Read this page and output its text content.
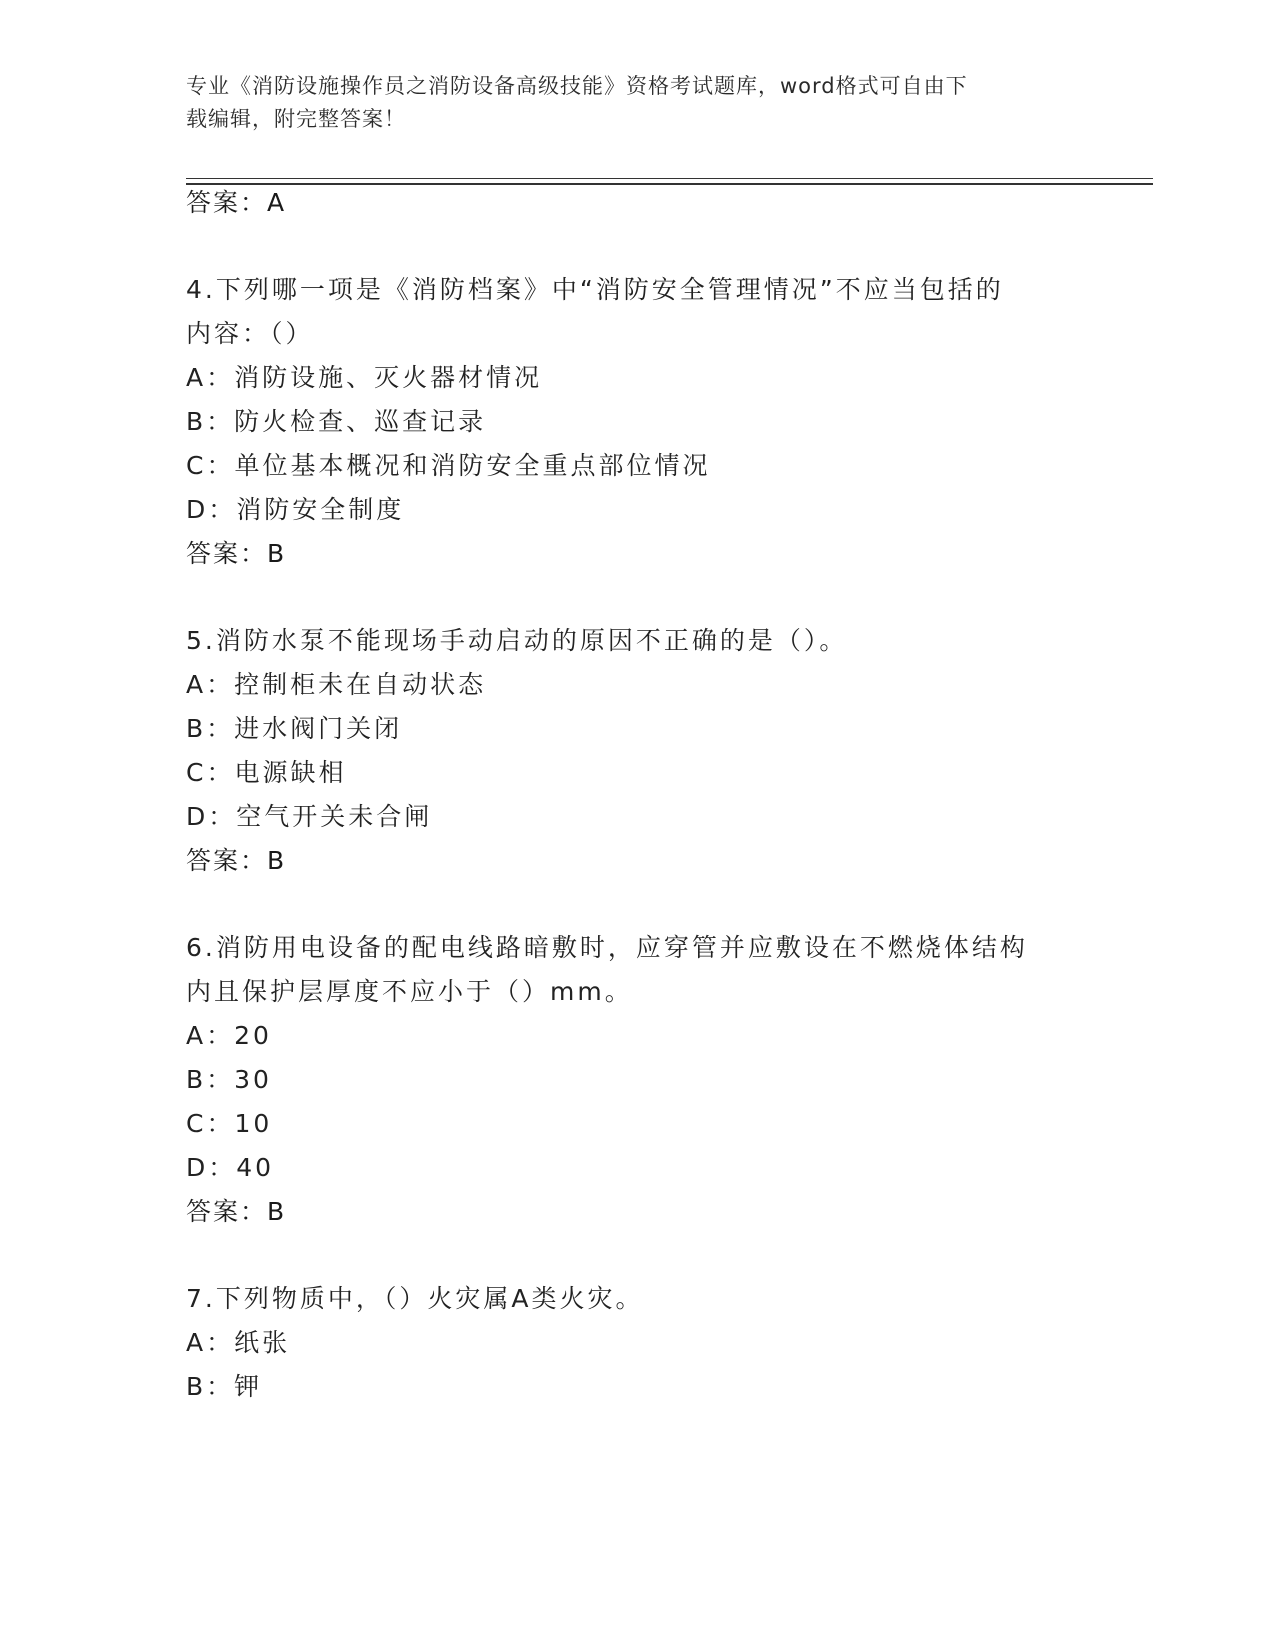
专业《消防设施操作员之消防设备高级技能》资格考试题库，word格式可自由下
载编辑，附完整答案！
答案：A
4.下列哪一项是《消防档案》中“消防安全管理情况”不应当包括的
内容：（）
A：消防设施、灭火器材情况
B：防火检查、巡查记录
C：单位基本概况和消防安全重点部位情况
D：消防安全制度
答案：B
5.消防水泵不能现场手动启动的原因不正确的是（）。
A：控制柜未在自动状态
B：进水阀门关闭
C：电源缺相
D：空气开关未合闸
答案：B
6.消防用电设备的配电线路暗敷时，应穿管并应敷设在不燃烧体结构
内且保护层厚度不应小于（）mm。
A：20
B：30
C：10
D：40
答案：B
7.下列物质中，（）火灾属A类火灾。
A：纸张
B：钾
